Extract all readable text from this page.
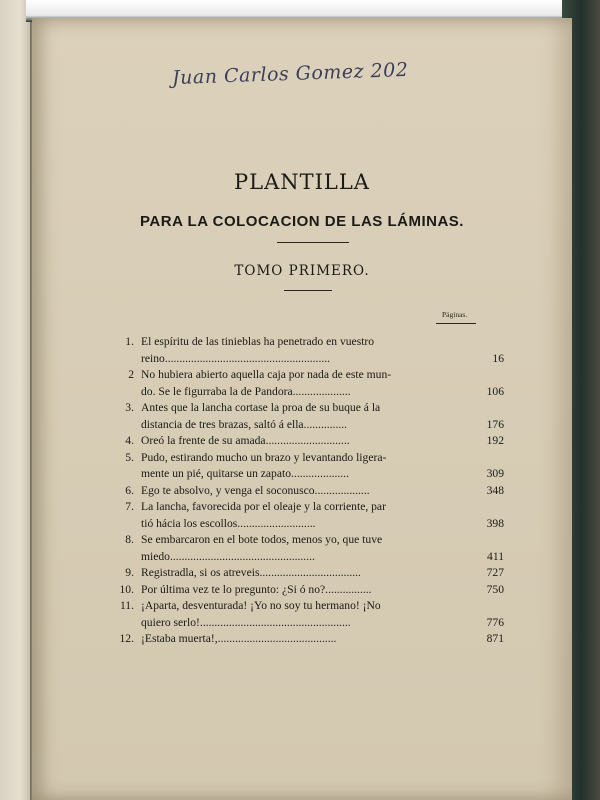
Juan Carlos Gomez 202
PLANTILLA
PARA LA COLOCACION DE LAS LÁMINAS.
TOMO PRIMERO.
Páginas.
1. El espíritu de las tinieblas ha penetrado en vuestro
reino.........................................................	16
2 No hubiera abierto aquella caja por nada de este mun-
do. Se le figurraba la de Pandora....................	106
3. Antes que la lancha cortase la proa de su buque á la
distancia de tres brazas, saltó á ella...............	176
4. Oreó la frente de su amada.............................	192
5. Pudo, estirando mucho un brazo y levantando ligera-
mente un pié, quitarse un zapato....................	309
6. Ego te absolvo, y venga el soconusco...................	348
7. La lancha, favorecida por el oleaje y la corriente, par
tió hácia los escollos...........................	398
8. Se embarcaron en el bote todos, menos yo, que tuve
miedo..................................................	411
9. Registradla, si os atreveis...................................	727
10. Por última vez te lo pregunto: ¿Si ó no?................	750
11. ¡Aparta, desventurada! ¡Yo no soy tu hermano! ¡No
quiero serlo!....................................................	776
12. ¡Estaba muerta!,.........................................	871
